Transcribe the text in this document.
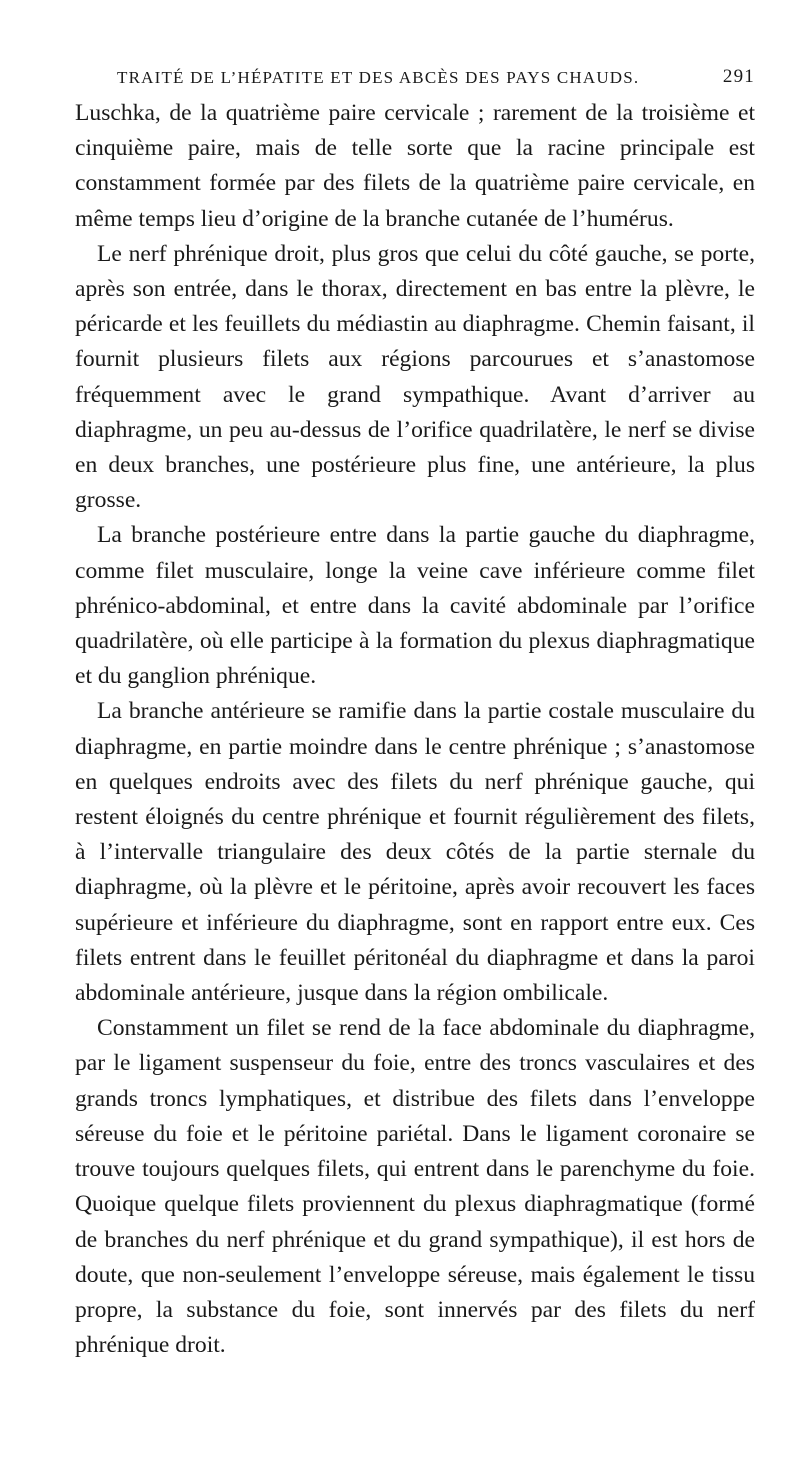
TRAITÉ DE L’HÉPATITE ET DES ABCÈS DES PAYS CHAUDS.	291

Luschka, de la quatrième paire cervicale ; rarement de la troisième et cinquième paire, mais de telle sorte que la racine principale est constamment formée par des filets de la quatrième paire cervicale, en même temps lieu d’origine de la branche cutanée de l’humérus.

Le nerf phrénique droit, plus gros que celui du côté gauche, se porte, après son entrée, dans le thorax, directement en bas entre la plèvre, le péricarde et les feuillets du médiastin au diaphragme. Chemin faisant, il fournit plusieurs filets aux régions parcourues et s’anastomose fréquemment avec le grand sympathique. Avant d’arriver au diaphragme, un peu au-dessus de l’orifice quadrilatère, le nerf se divise en deux branches, une postérieure plus fine, une antérieure, la plus grosse.

La branche postérieure entre dans la partie gauche du diaphragme, comme filet musculaire, longe la veine cave inférieure comme filet phrénico-abdominal, et entre dans la cavité abdominale par l’orifice quadrilatère, où elle participe à la formation du plexus diaphragmatique et du ganglion phrénique.

La branche antérieure se ramifie dans la partie costale musculaire du diaphragme, en partie moindre dans le centre phrénique ; s’anastomose en quelques endroits avec des filets du nerf phrénique gauche, qui restent éloignés du centre phrénique et fournit régulièrement des filets, à l’intervalle triangulaire des deux côtés de la partie sternale du diaphragme, où la plèvre et le péritoine, après avoir recouvert les faces supérieure et inférieure du diaphragme, sont en rapport entre eux. Ces filets entrent dans le feuillet péritonéal du diaphragme et dans la paroi abdominale antérieure, jusque dans la région ombilicale.

Constamment un filet se rend de la face abdominale du diaphragme, par le ligament suspenseur du foie, entre des troncs vasculaires et des grands troncs lymphatiques, et distribue des filets dans l’enveloppe séreuse du foie et le péritoine pariétal. Dans le ligament coronaire se trouve toujours quelques filets, qui entrent dans le parenchyme du foie. Quoique quelque filets proviennent du plexus diaphragmatique (formé de branches du nerf phrénique et du grand sympathique), il est hors de doute, que non-seulement l’enveloppe séreuse, mais également le tissu propre, la substance du foie, sont innervés par des filets du nerf phrénique droit.
